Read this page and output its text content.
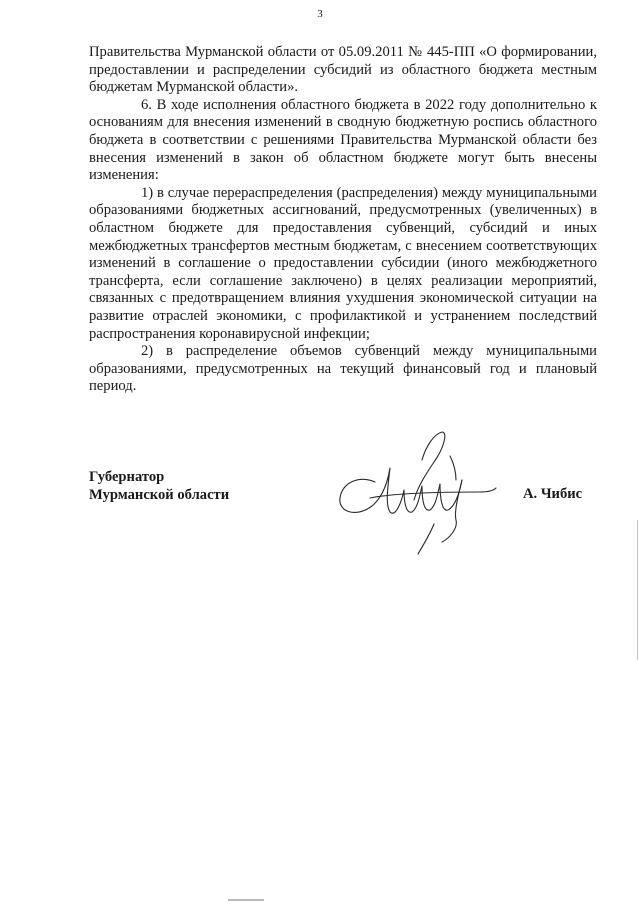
3

Правительства Мурманской области от 05.09.2011 № 445-ПП «О формировании, предоставлении и распределении субсидий из областного бюджета местным бюджетам Мурманской области».

6. В ходе исполнения областного бюджета в 2022 году дополнительно к основаниям для внесения изменений в сводную бюджетную роспись областного бюджета в соответствии с решениями Правительства Мурманской области без внесения изменений в закон об областном бюджете могут быть внесены изменения:

1) в случае перераспределения (распределения) между муниципальными образованиями бюджетных ассигнований, предусмотренных (увеличенных) в областном бюджете для предоставления субвенций, субсидий и иных межбюджетных трансфертов местным бюджетам, с внесением соответствующих изменений в соглашение о предоставлении субсидии (иного межбюджетного трансферта, если соглашение заключено) в целях реализации мероприятий, связанных с предотвращением влияния ухудшения экономической ситуации на развитие отраслей экономики, с профилактикой и устранением последствий распространения коронавирусной инфекции;

2) в распределение объемов субвенций между муниципальными образованиями, предусмотренных на текущий финансовый год и плановый период.

Губернатор
Мурманской области	А. Чибис
